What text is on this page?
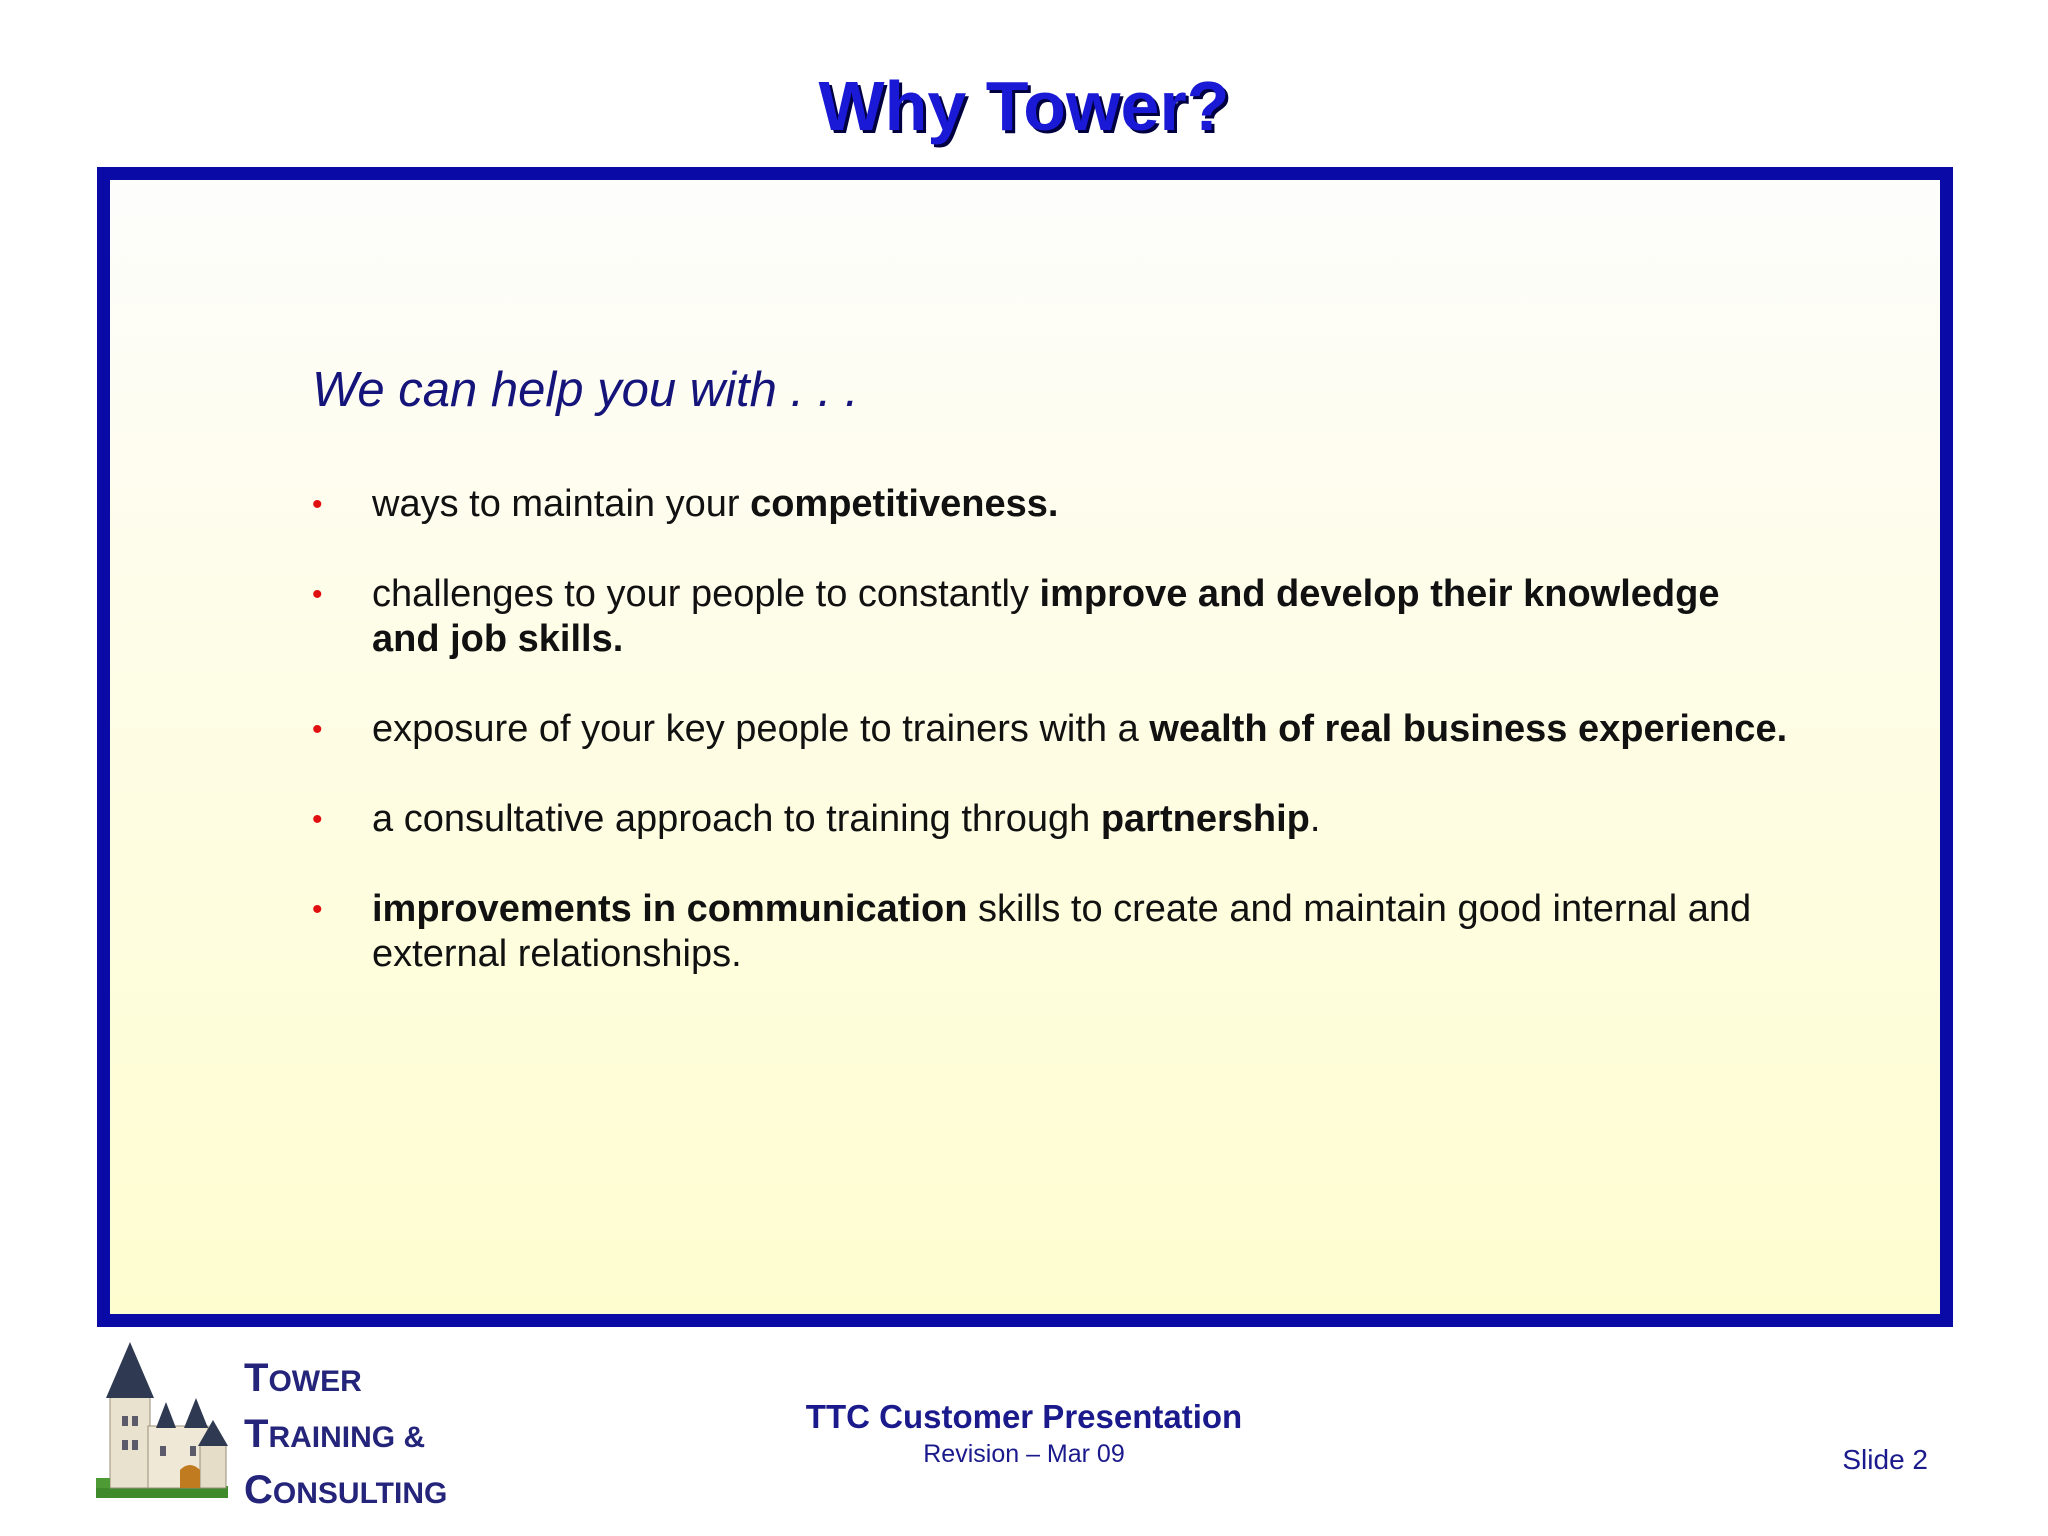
Why Tower?
We can help you with . . .
• ways to maintain your competitiveness.
• challenges to your people to constantly improve and develop their knowledge and job skills.
• exposure of your key people to trainers with a wealth of real business experience.
• a consultative approach to training through partnership.
• improvements in communication skills to create and maintain good internal and external relationships.
TOWER
TRAINING &
CONSULTING
TTC Customer Presentation
Revision – Mar 09	Slide 2
